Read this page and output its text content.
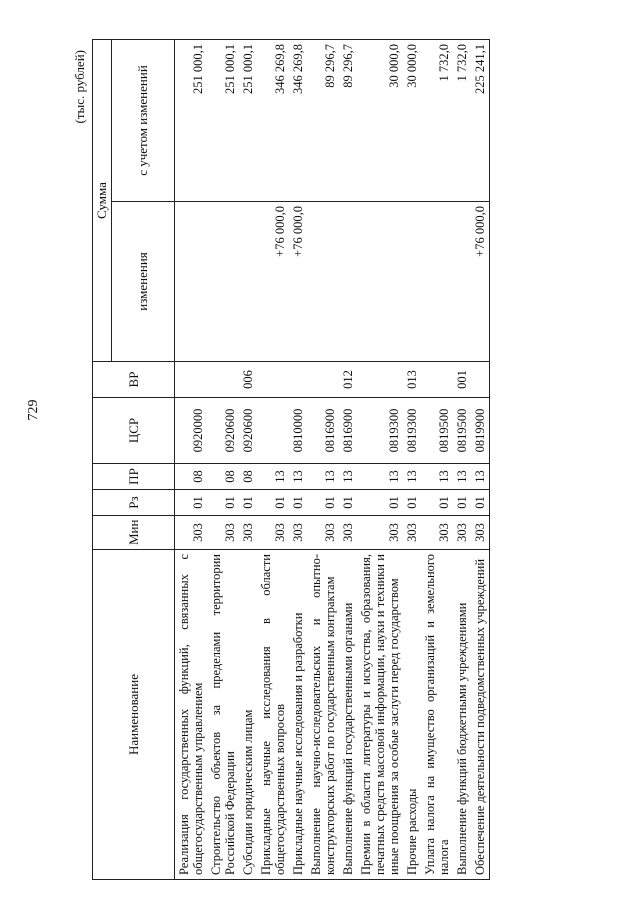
729
(тыс. рублей)
Наименование	Мин	Рз	ПР	ЦСР	ВР	Сумма	
						изменения	с учетом изменений
Реализация государственных функций, связанных с общегосударственным управлением	303	01	08	0920000			251 000,1
Строительство объектов за пределами территории Российской Федерации	303	01	08	0920600			251 000,1
Субсидии юридическим лицам	303	01	08	0920600	006		251 000,1
Прикладные научные исследования в области общегосударственных вопросов	303	01	13			+76 000,0	346 269,8
Прикладные научные исследования и разработки	303	01	13	0810000		+76 000,0	346 269,8
Выполнение научно-исследовательских и опытно-конструкторских работ по государственным контрактам	303	01	13	0816900			89 296,7
Выполнение функций государственными органами	303	01	13	0816900	012		89 296,7
Премии в области литературы и искусства, образования, печатных средств массовой информации, науки и техники и иные поощрения за особые заслуги перед государством	303	01	13	0819300			30 000,0
Прочие расходы	303	01	13	0819300	013		30 000,0
Уплата налога на имущество организаций и земельного налога	303	01	13	0819500			1 732,0
Выполнение функций бюджетными учреждениями	303	01	13	0819500	001		1 732,0
Обеспечение деятельности подведомственных учреждений	303	01	13	0819900		+76 000,0	225 241,1
